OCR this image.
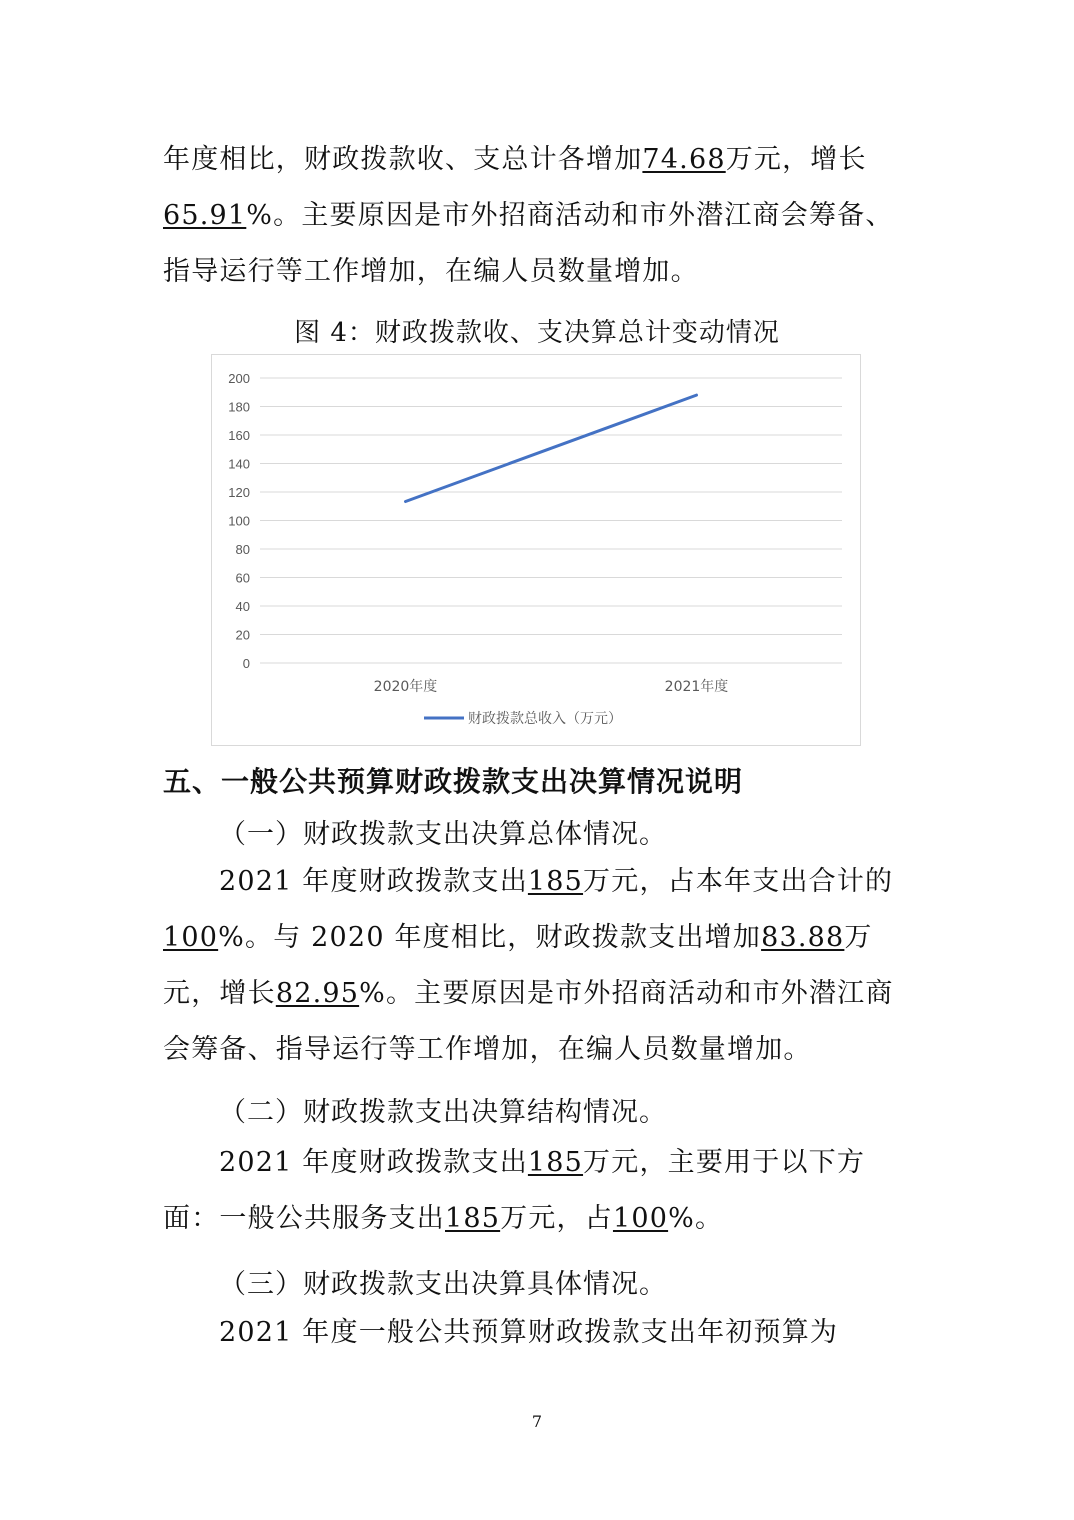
年度相比，财政拨款收、支总计各增加74.68万元，增长65.91%。主要原因是市外招商活动和市外潜江商会筹备、指导运行等工作增加，在编人员数量增加。

图 4：财政拨款收、支决算总计变动情况
0
20
40
60
80
100
120
140
160
180
200
2020年度	2021年度
财政拨款总收入（万元）
五、一般公共预算财政拨款支出决算情况说明
（一）财政拨款支出决算总体情况。

2021 年度财政拨款支出185万元，占本年支出合计的100%。与 2020 年度相比，财政拨款支出增加83.88万元，增长82.95%。主要原因是市外招商活动和市外潜江商会筹备、指导运行等工作增加，在编人员数量增加。

（二）财政拨款支出决算结构情况。

2021 年度财政拨款支出185万元，主要用于以下方面：一般公共服务支出185万元，占100%。

（三）财政拨款支出决算具体情况。

2021 年度一般公共预算财政拨款支出年初预算为

7
